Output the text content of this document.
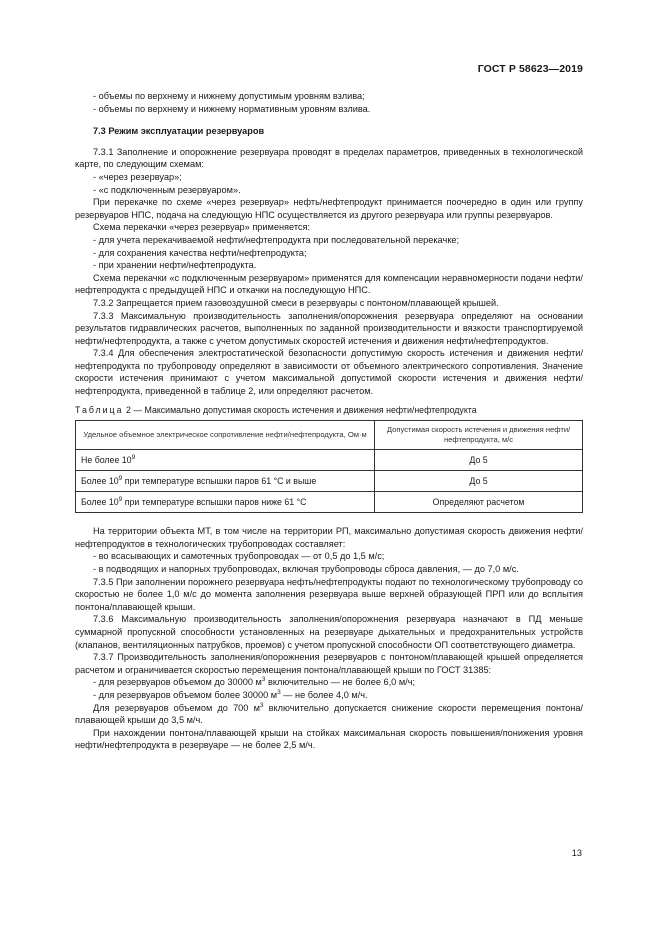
ГОСТ Р 58623—2019

- объемы по верхнему и нижнему допустимым уровням взлива;

- объемы по верхнему и нижнему нормативным уровням взлива.

7.3 Режим эксплуатации резервуаров

7.3.1 Заполнение и опорожнение резервуара проводят в пределах параметров, приведенных в технологической карте, по следующим схемам:

- «через резервуар»;

- «с подключенным резервуаром».

При перекачке по схеме «через резервуар» нефть/нефтепродукт принимается поочередно в один или группу резервуаров НПС, подача на следующую НПС осуществляется из другого резервуара или группы резервуаров.

Схема перекачки «через резервуар» применяется:

- для учета перекачиваемой нефти/нефтепродукта при последовательной перекачке;

- для сохранения качества нефти/нефтепродукта;

- при хранении нефти/нефтепродукта.

Схема перекачки «с подключенным резервуаром» применятся для компенсации неравномерности подачи нефти/нефтепродукта с предыдущей НПС и откачки на последующую НПС.

7.3.2 Запрещается прием газовоздушной смеси в резервуары с понтоном/плавающей крышей.

7.3.3 Максимальную производительность заполнения/опорожнения резервуара определяют на основании результатов гидравлических расчетов, выполненных по заданной производительности и вязкости транспортируемой нефти/нефтепродукта, а также с учетом допустимых скоростей истечения и движения нефти/нефтепродуктов.

7.3.4 Для обеспечения электростатической безопасности допустимую скорость истечения и движения нефти/нефтепродукта по трубопроводу определяют в зависимости от объемного электрического сопротивления. Значение скорости истечения принимают с учетом максимальной допустимой скорости истечения и движения нефти/нефтепродукта, приведенной в таблице 2, или определяют расчетом.

Таблица 2 — Максимально допустимая скорость истечения и движения нефти/нефтепродукта

Удельное объемное электрическое сопротивление нефти/нефтепродукта, Ом·м	Допустимая скорость истечения и движения нефти/нефтепродукта, м/с
Не более $10^9$	До 5
Более $10^9$ при температуре вспышки паров 61 °С и выше	До 5
Более $10^9$ при температуре вспышки паров ниже 61 °С	Определяют расчетом

На территории объекта МТ, в том числе на территории РП, максимально допустимая скорость движения нефти/нефтепродуктов в технологических трубопроводах составляет:

- во всасывающих и самотечных трубопроводах — от 0,5 до 1,5 м/с;

- в подводящих и напорных трубопроводах, включая трубопроводы сброса давления, — до 7,0 м/с.

7.3.5 При заполнении порожнего резервуара нефть/нефтепродукты подают по технологическому трубопроводу со скоростью не более 1,0 м/с до момента заполнения резервуара выше верхней образующей ПРП или до всплытия понтона/плавающей крыши.

7.3.6 Максимальную производительность заполнения/опорожнения резервуара назначают в ПД меньше суммарной пропускной способности установленных на резервуаре дыхательных и предохранительных устройств (клапанов, вентиляционных патрубков, проемов) с учетом пропускной способности ОП соответствующего диаметра.

7.3.7 Производительность заполнения/опорожнения резервуаров с понтоном/плавающей крышей определяется расчетом и ограничивается скоростью перемещения понтона/плавающей крыши по ГОСТ 31385:

- для резервуаров объемом до 30000 $м^3$ включительно — не более 6,0 м/ч;

- для резервуаров объемом более 30000 $м^3$ — не более 4,0 м/ч.

Для резервуаров объемом до 700 $м^3$ включительно допускается снижение скорости перемещения понтона/плавающей крыши до 3,5 м/ч.

При нахождении понтона/плавающей крыши на стойках максимальная скорость повышения/понижения уровня нефти/нефтепродукта в резервуаре — не более 2,5 м/ч.

13
